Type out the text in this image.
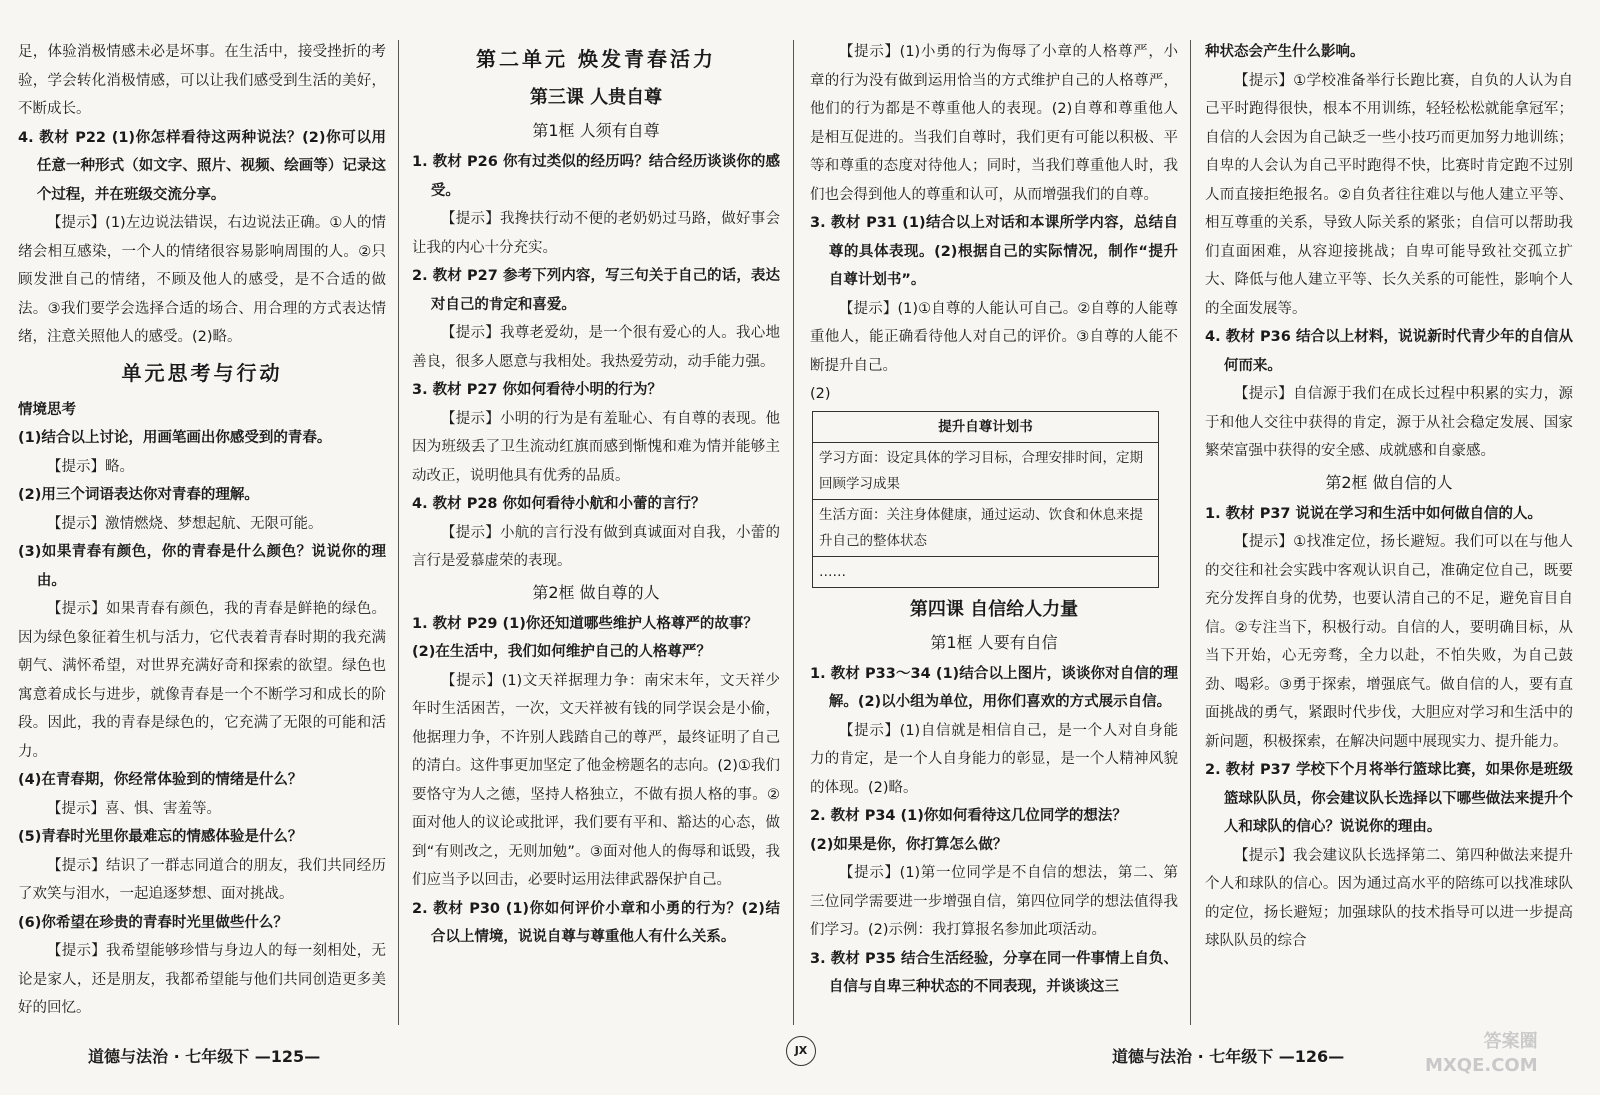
足，体验消极情感未必是坏事。在生活中，接受挫折的考验，学会转化消极情感，可以让我们感受到生活的美好，不断成长。

4. 教材 P22 (1)你怎样看待这两种说法？(2)你可以用任意一种形式（如文字、照片、视频、绘画等）记录这个过程，并在班级交流分享。

【提示】(1)左边说法错误，右边说法正确。①人的情绪会相互感染，一个人的情绪很容易影响周围的人。②只顾发泄自己的情绪，不顾及他人的感受，是不合适的做法。③我们要学会选择合适的场合、用合理的方式表达情绪，注意关照他人的感受。(2)略。

单元思考与行动

情境思考

(1)结合以上讨论，用画笔画出你感受到的青春。

【提示】略。

(2)用三个词语表达你对青春的理解。

【提示】激情燃烧、梦想起航、无限可能。

(3)如果青春有颜色，你的青春是什么颜色？说说你的理由。

【提示】如果青春有颜色，我的青春是鲜艳的绿色。因为绿色象征着生机与活力，它代表着青春时期的我充满朝气、满怀希望，对世界充满好奇和探索的欲望。绿色也寓意着成长与进步，就像青春是一个不断学习和成长的阶段。因此，我的青春是绿色的，它充满了无限的可能和活力。

(4)在青春期，你经常体验到的情绪是什么？

【提示】喜、惧、害羞等。

(5)青春时光里你最难忘的情感体验是什么？

【提示】结识了一群志同道合的朋友，我们共同经历了欢笑与泪水，一起追逐梦想、面对挑战。

(6)你希望在珍贵的青春时光里做些什么？

【提示】我希望能够珍惜与身边人的每一刻相处，无论是家人，还是朋友，我都希望能与他们共同创造更多美好的回忆。

第二单元 焕发青春活力

第三课 人贵自尊

第1框 人须有自尊

1. 教材 P26 你有过类似的经历吗？结合经历谈谈你的感受。

【提示】我搀扶行动不便的老奶奶过马路，做好事会让我的内心十分充实。

2. 教材 P27 参考下列内容，写三句关于自己的话，表达对自己的肯定和喜爱。

【提示】我尊老爱幼，是一个很有爱心的人。我心地善良，很多人愿意与我相处。我热爱劳动，动手能力强。

3. 教材 P27 你如何看待小明的行为？

【提示】小明的行为是有羞耻心、有自尊的表现。他因为班级丢了卫生流动红旗而感到惭愧和难为情并能够主动改正，说明他具有优秀的品质。

4. 教材 P28 你如何看待小航和小蕾的言行？

【提示】小航的言行没有做到真诚面对自我，小蕾的言行是爱慕虚荣的表现。

第2框 做自尊的人

1. 教材 P29 (1)你还知道哪些维护人格尊严的故事？

(2)在生活中，我们如何维护自己的人格尊严？

【提示】(1)文天祥据理力争：南宋末年，文天祥少年时生活困苦，一次，文天祥被有钱的同学误会是小偷，他据理力争，不许别人践踏自己的尊严，最终证明了自己的清白。这件事更加坚定了他金榜题名的志向。(2)①我们要恪守为人之德，坚持人格独立，不做有损人格的事。②面对他人的议论或批评，我们要有平和、豁达的心态，做到“有则改之，无则加勉”。③面对他人的侮辱和诋毁，我们应当予以回击，必要时运用法律武器保护自己。

2. 教材 P30 (1)你如何评价小章和小勇的行为？(2)结合以上情境，说说自尊与尊重他人有什么关系。

【提示】(1)小勇的行为侮辱了小章的人格尊严，小章的行为没有做到运用恰当的方式维护自己的人格尊严，他们的行为都是不尊重他人的表现。(2)自尊和尊重他人是相互促进的。当我们自尊时，我们更有可能以积极、平等和尊重的态度对待他人；同时，当我们尊重他人时，我们也会得到他人的尊重和认可，从而增强我们的自尊。

3. 教材 P31 (1)结合以上对话和本课所学内容，总结自尊的具体表现。(2)根据自己的实际情况，制作“提升自尊计划书”。

【提示】(1)①自尊的人能认可自己。②自尊的人能尊重他人，能正确看待他人对自己的评价。③自尊的人能不断提升自己。

(2)

提升自尊计划书
学习方面：设定具体的学习目标，合理安排时间，定期回顾学习成果
生活方面：关注身体健康，通过运动、饮食和休息来提升自己的整体状态
……

第四课 自信给人力量

第1框 人要有自信

1. 教材 P33～34 (1)结合以上图片，谈谈你对自信的理解。(2)以小组为单位，用你们喜欢的方式展示自信。

【提示】(1)自信就是相信自己，是一个人对自身能力的肯定，是一个人自身能力的彰显，是一个人精神风貌的体现。(2)略。

2. 教材 P34 (1)你如何看待这几位同学的想法？

(2)如果是你，你打算怎么做？

【提示】(1)第一位同学是不自信的想法，第二、第三位同学需要进一步增强自信，第四位同学的想法值得我们学习。(2)示例：我打算报名参加此项活动。

3. 教材 P35 结合生活经验，分享在同一件事情上自负、自信与自卑三种状态的不同表现，并谈谈这三

种状态会产生什么影响。

【提示】①学校准备举行长跑比赛，自负的人认为自己平时跑得很快，根本不用训练，轻轻松松就能拿冠军；自信的人会因为自己缺乏一些小技巧而更加努力地训练；自卑的人会认为自己平时跑得不快，比赛时肯定跑不过别人而直接拒绝报名。②自负者往往难以与他人建立平等、相互尊重的关系，导致人际关系的紧张；自信可以帮助我们直面困难，从容迎接挑战；自卑可能导致社交孤立扩大、降低与他人建立平等、长久关系的可能性，影响个人的全面发展等。

4. 教材 P36 结合以上材料，说说新时代青少年的自信从何而来。

【提示】自信源于我们在成长过程中积累的实力，源于和他人交往中获得的肯定，源于从社会稳定发展、国家繁荣富强中获得的安全感、成就感和自豪感。

第2框 做自信的人

1. 教材 P37 说说在学习和生活中如何做自信的人。

【提示】①找准定位，扬长避短。我们可以在与他人的交往和社会实践中客观认识自己，准确定位自己，既要充分发挥自身的优势，也要认清自己的不足，避免盲目自信。②专注当下，积极行动。自信的人，要明确目标，从当下开始，心无旁骛，全力以赴，不怕失败，为自己鼓劲、喝彩。③勇于探索，增强底气。做自信的人，要有直面挑战的勇气，紧跟时代步伐，大胆应对学习和生活中的新问题，积极探索，在解决问题中展现实力、提升能力。

2. 教材 P37 学校下个月将举行篮球比赛，如果你是班级篮球队队员，你会建议队长选择以下哪些做法来提升个人和球队的信心？说说你的理由。

【提示】我会建议队长选择第二、第四种做法来提升个人和球队的信心。因为通过高水平的陪练可以找准球队的定位，扬长避短；加强球队的技术指导可以进一步提高球队队员的综合

道德与法治 · 七年级下 —125—	JX	道德与法治 · 七年级下 —126—
答案圈
MXQE.COM
